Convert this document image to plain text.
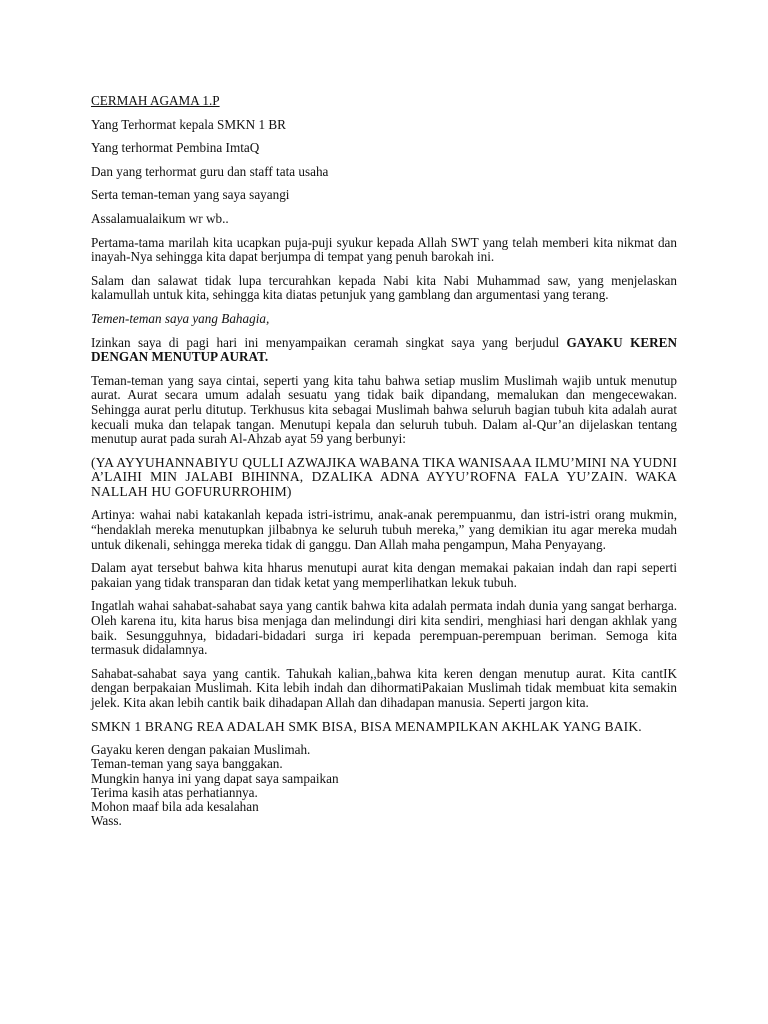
CERMAH AGAMA 1.P

Yang Terhormat kepala SMKN 1 BR

Yang terhormat Pembina ImtaQ

Dan yang terhormat guru dan staff tata usaha

Serta teman-teman yang saya sayangi

Assalamualaikum wr wb..

Pertama-tama marilah kita ucapkan puja-puji syukur kepada Allah SWT yang telah memberi kita nikmat dan inayah-Nya sehingga kita dapat berjumpa di tempat yang penuh barokah ini.

Salam dan salawat tidak lupa tercurahkan kepada Nabi kita Nabi Muhammad saw, yang menjelaskan kalamullah untuk kita, sehingga kita diatas petunjuk yang gamblang dan argumentasi yang terang.

Temen-teman saya yang Bahagia,

Izinkan saya di pagi hari ini menyampaikan ceramah singkat saya yang berjudul GAYAKU KEREN DENGAN MENUTUP AURAT.

Teman-teman yang saya cintai, seperti yang kita tahu bahwa setiap muslim Muslimah wajib untuk menutup aurat. Aurat secara umum adalah sesuatu yang tidak baik dipandang, memalukan dan mengecewakan. Sehingga aurat perlu ditutup. Terkhusus kita sebagai Muslimah bahwa seluruh bagian tubuh kita adalah aurat kecuali muka dan telapak tangan. Menutupi kepala dan seluruh tubuh. Dalam al-Qur’an dijelaskan tentang menutup aurat pada surah Al-Ahzab ayat 59 yang berbunyi:

(YA AYYUHANNABIYU QULLI AZWAJIKA WABANA TIKA WANISAAA ILMU’MINI NA YUDNI A’LAIHI MIN JALABI BIHINNA, DZALIKA ADNA AYYU’ROFNA FALA YU’ZAIN. WAKA NALLAH HU GOFURURROHIM)

Artinya: wahai nabi katakanlah kepada istri-istrimu, anak-anak perempuanmu, dan istri-istri orang mukmin, “hendaklah mereka menutupkan jilbabnya ke seluruh tubuh mereka,” yang demikian itu agar mereka mudah untuk dikenali, sehingga mereka tidak di ganggu. Dan Allah maha pengampun, Maha Penyayang.

Dalam ayat tersebut bahwa kita hharus menutupi aurat kita dengan memakai pakaian indah dan rapi seperti pakaian yang tidak transparan dan tidak ketat yang memperlihatkan lekuk tubuh.

Ingatlah wahai sahabat-sahabat saya yang cantik bahwa kita adalah permata indah dunia yang sangat berharga. Oleh karena itu, kita harus bisa menjaga dan melindungi diri kita sendiri, menghiasi hari dengan akhlak yang baik. Sesungguhnya, bidadari-bidadari surga iri kepada perempuan-perempuan beriman. Semoga kita termasuk didalamnya.

Sahabat-sahabat saya yang cantik. Tahukah kalian,,bahwa kita keren dengan menutup aurat. Kita cantIK dengan berpakaian Muslimah. Kita lebih indah dan dihormatiPakaian Muslimah tidak membuat kita semakin jelek. Kita akan lebih cantik baik dihadapan Allah dan dihadapan manusia. Seperti jargon kita.

SMKN 1 BRANG REA ADALAH SMK BISA, BISA MENAMPILKAN AKHLAK YANG BAIK.

Gayaku keren dengan pakaian Muslimah.
Teman-teman yang saya banggakan.
Mungkin hanya ini yang dapat saya sampaikan
Terima kasih atas perhatiannya.
Mohon maaf bila ada kesalahan
Wass.
